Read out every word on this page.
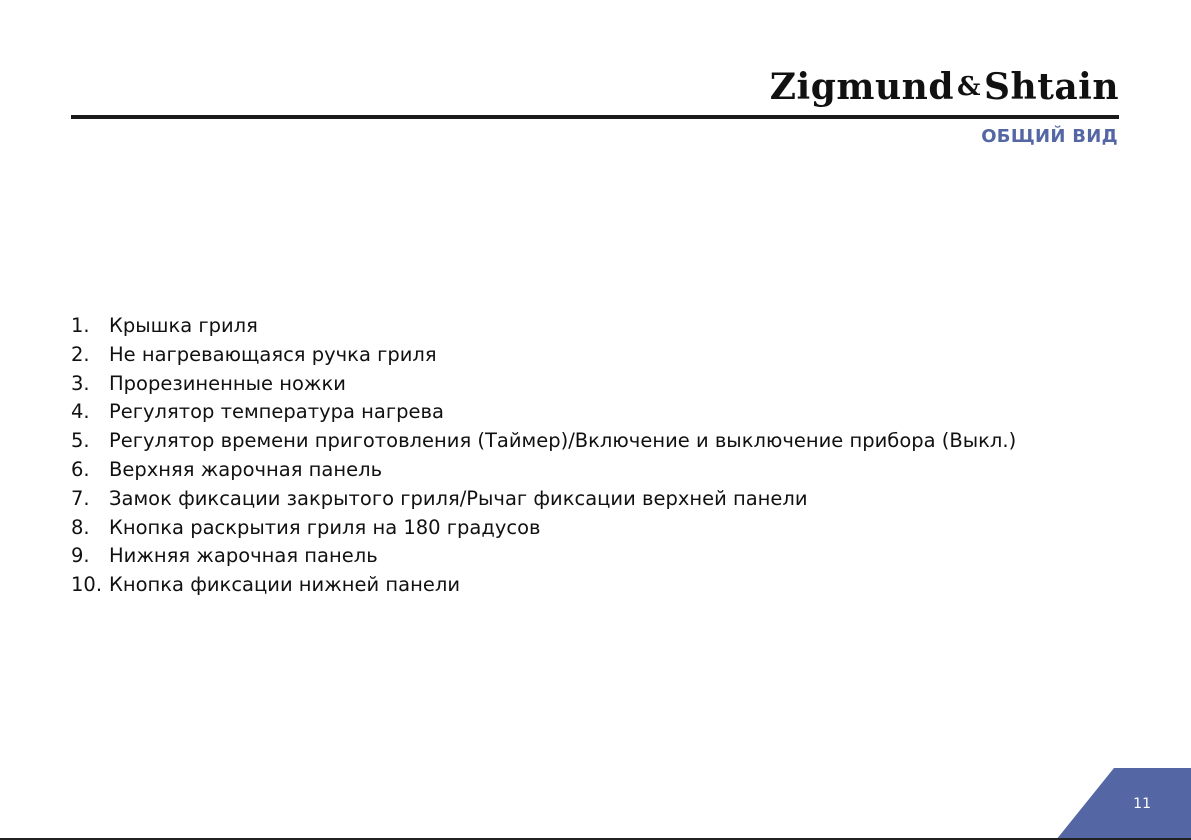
Zigmund &Shtain
ОБЩИЙ ВИД
1. Крышка гриля
2. Не нагревающаяся ручка гриля
3. Прорезиненные ножки
4. Регулятор температура нагрева
5. Регулятор времени приготовления (Таймер)/Включение и выключение прибора (Выкл.)
6. Верхняя жарочная панель
7. Замок фиксации закрытого гриля/Рычаг фиксации верхней панели
8. Кнопка раскрытия гриля на 180 градусов
9. Нижняя жарочная панель
10. Кнопка фиксации нижней панели
11
